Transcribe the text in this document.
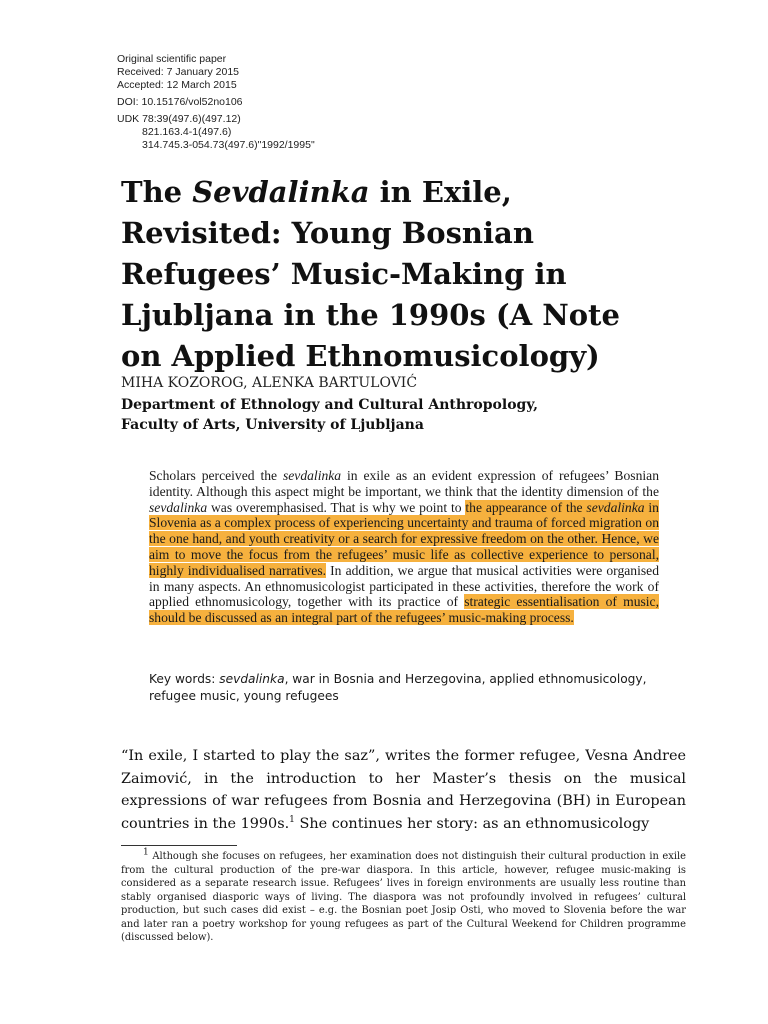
Original scientific paper
Received: 7 January 2015
Accepted: 12 March 2015
DOI: 10.15176/vol52no106
UDK 78:39(497.6)(497.12)
821.163.4-1(497.6)
314.745.3-054.73(497.6)"1992/1995"
The Sevdalinka in Exile, Revisited: Young Bosnian Refugees’ Music-Making in Ljubljana in the 1990s (A Note on Applied Ethnomusicology)
MIHA KOZOROG, ALENKA BARTULOVIĆ
Department of Ethnology and Cultural Anthropology,
Faculty of Arts, University of Ljubljana
Scholars perceived the sevdalinka in exile as an evident expression of refugees’ Bosnian identity. Although this aspect might be important, we think that the identity dimension of the sevdalinka was overemphasised. That is why we point to the appearance of the sevdalinka in Slovenia as a complex process of experiencing uncertainty and trauma of forced migration on the one hand, and youth creativity or a search for expressive freedom on the other. Hence, we aim to move the focus from the refugees’ music life as collective experience to personal, highly individualised narratives. In addition, we argue that musical activities were organised in many aspects. An ethnomusicologist participated in these activities, therefore the work of applied ethnomusicology, together with its practice of strategic essentialisation of music, should be discussed as an integral part of the refugees’ music-making process.
Key words: sevdalinka, war in Bosnia and Herzegovina, applied ethnomusicology, refugee music, young refugees
“In exile, I started to play the saz”, writes the former refugee, Vesna Andree Zaimović, in the introduction to her Master’s thesis on the musical expressions of war refugees from Bosnia and Herzegovina (BH) in European countries in the 1990s.$^1$ She continues her story: as an ethnomusicology
$^1$ Although she focuses on refugees, her examination does not distinguish their cultural production in exile from the cultural production of the pre-war diaspora. In this article, however, refugee music-making is considered as a separate research issue. Refugees’ lives in foreign environments are usually less routine than stably organised diasporic ways of living. The diaspora was not profoundly involved in refugees’ cultural production, but such cases did exist – e.g. the Bosnian poet Josip Osti, who moved to Slovenia before the war and later ran a poetry workshop for young refugees as part of the Cultural Weekend for Children programme (discussed below).
